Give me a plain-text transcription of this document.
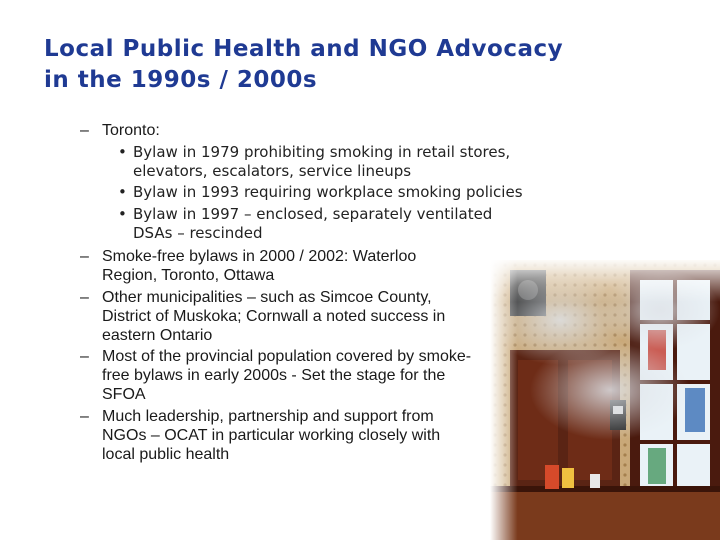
Local Public Health and NGO Advocacy
in the 1990s / 2000s
– Toronto:
• Bylaw in 1979 prohibiting smoking in retail stores,
elevators, escalators, service lineups
• Bylaw in 1993 requiring workplace smoking policies
• Bylaw in 1997 – enclosed, separately ventilated
DSAs – rescinded
– Smoke-free bylaws in 2000 / 2002: Waterloo
Region, Toronto, Ottawa
– Other municipalities – such as Simcoe County,
District of Muskoka; Cornwall a noted success in
eastern Ontario
– Most of the provincial population covered by smoke-
free bylaws in early 2000s - Set the stage for the
SFOA
– Much leadership, partnership and support from
NGOs – OCAT in particular working closely with
local public health
